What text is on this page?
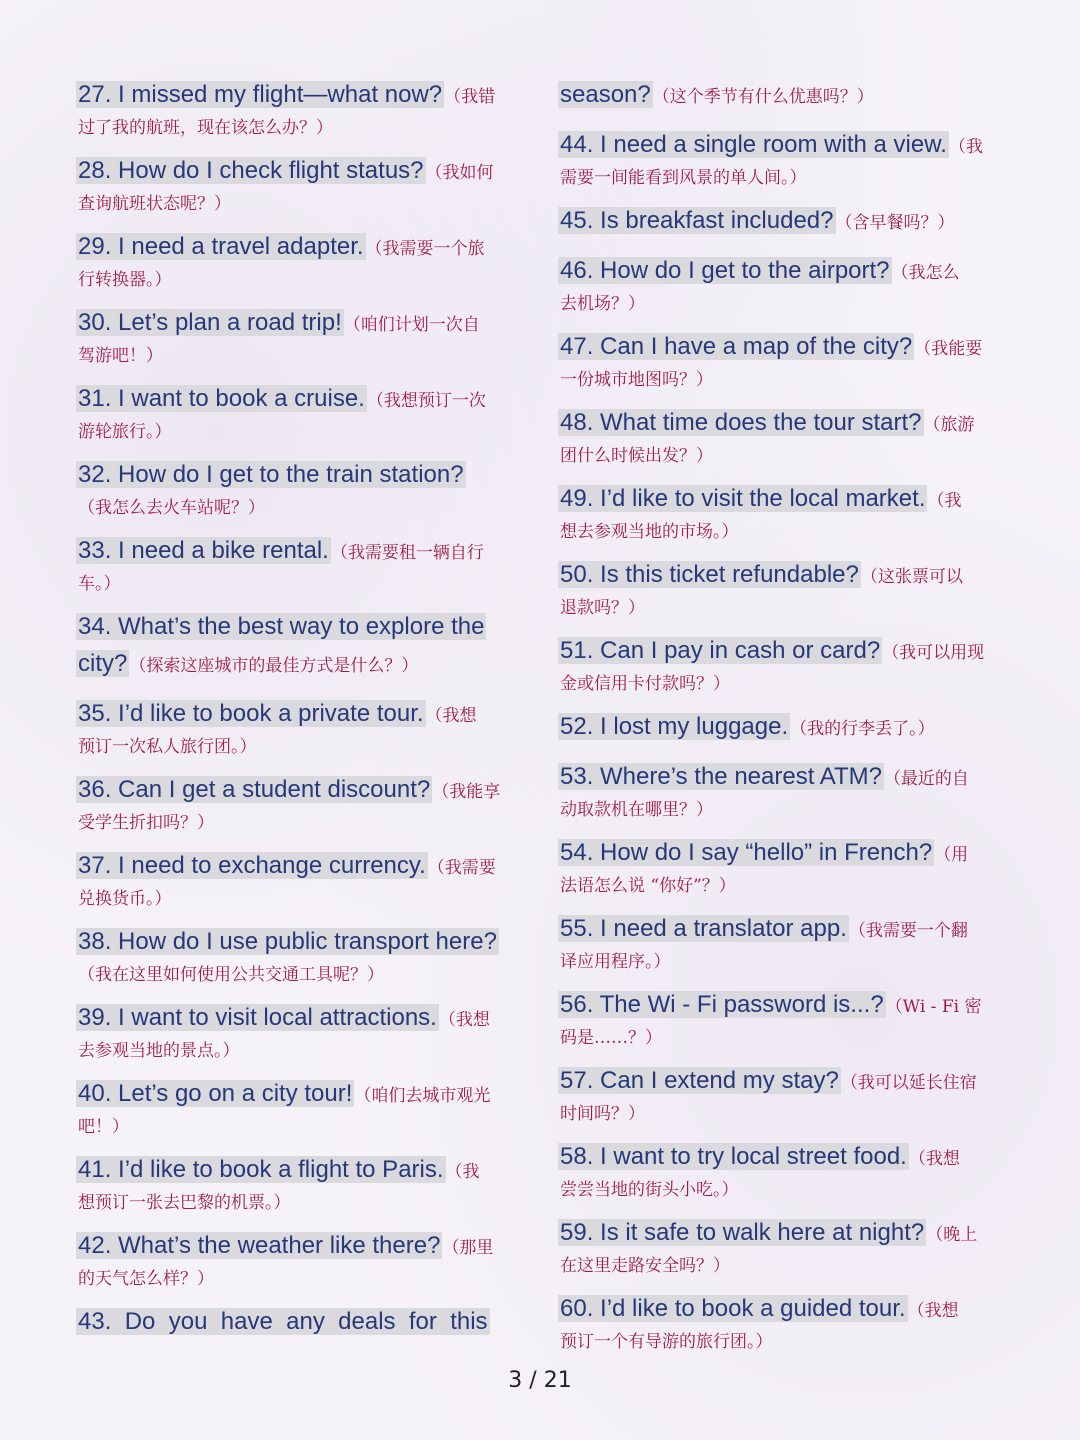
27. I missed my flight—what now? （我错
过了我的航班，现在该怎么办？）
28. How do I check flight status? （我如何
查询航班状态呢？）
29. I need a travel adapter. （我需要一个旅
行转换器。）
30. Let’s plan a road trip! （咱们计划一次自
驾游吧！）
31. I want to book a cruise. （我想预订一次
游轮旅行。）
32. How do I get to the train station?
（我怎么去火车站呢？）
33. I need a bike rental. （我需要租一辆自行
车。）
34. What’s the best way to explore the
city? （探索这座城市的最佳方式是什么？）
35. I’d like to book a private tour. （我想
预订一次私人旅行团。）
36. Can I get a student discount? （我能享
受学生折扣吗？）
37. I need to exchange currency. （我需要
兑换货币。）
38. How do I use public transport here?
（我在这里如何使用公共交通工具呢？）
39. I want to visit local attractions. （我想
去参观当地的景点。）
40. Let’s go on a city tour! （咱们去城市观光
吧！）
41. I’d like to book a flight to Paris. （我
想预订一张去巴黎的机票。）
42. What’s the weather like there? （那里
的天气怎么样？）
43.  Do  you  have  any  deals  for  this
season? （这个季节有什么优惠吗？）
44. I need a single room with a view. （我
需要一间能看到风景的单人间。）
45. Is breakfast included? （含早餐吗？）
46. How do I get to the airport? （我怎么
去机场？）
47. Can I have a map of the city? （我能要
一份城市地图吗？）
48. What time does the tour start? （旅游
团什么时候出发？）
49. I’d like to visit the local market. （我
想去参观当地的市场。）
50. Is this ticket refundable? （这张票可以
退款吗？）
51. Can I pay in cash or card? （我可以用现
金或信用卡付款吗？）
52. I lost my luggage. （我的行李丢了。）
53. Where’s the nearest ATM? （最近的自
动取款机在哪里？）
54. How do I say “hello” in French? （用
法语怎么说 “你好”？）
55. I need a translator app. （我需要一个翻
译应用程序。）
56. The Wi - Fi password is...? （Wi - Fi 密
码是……？）
57. Can I extend my stay? （我可以延长住宿
时间吗？）
58. I want to try local street food. （我想
尝尝当地的街头小吃。）
59. Is it safe to walk here at night? （晚上
在这里走路安全吗？）
60. I’d like to book a guided tour. （我想
预订一个有导游的旅行团。）
3 / 21
